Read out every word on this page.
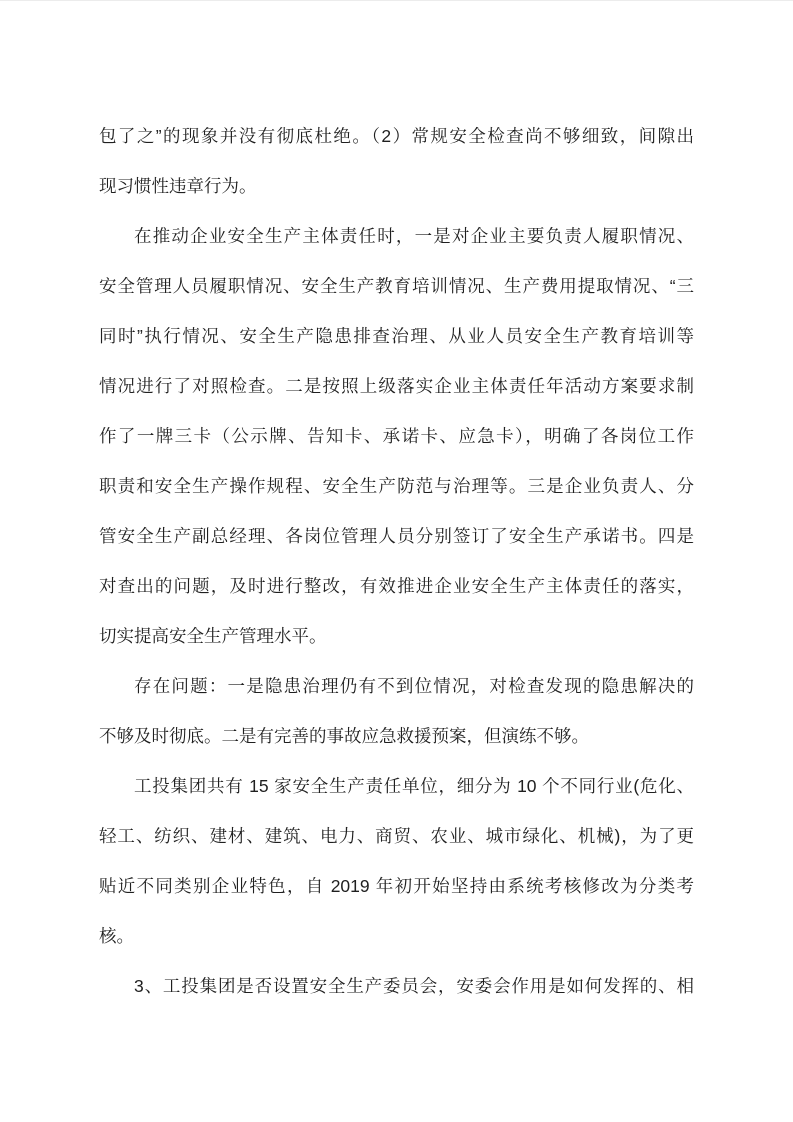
包了之”的现象并没有彻底杜绝。（2）常规安全检查尚不够细致，间隙出
现习惯性违章行为。
在推动企业安全生产主体责任时，一是对企业主要负责人履职情况、
安全管理人员履职情况、安全生产教育培训情况、生产费用提取情况、“三
同时”执行情况、安全生产隐患排查治理、从业人员安全生产教育培训等
情况进行了对照检查。二是按照上级落实企业主体责任年活动方案要求制
作了一牌三卡（公示牌、告知卡、承诺卡、应急卡），明确了各岗位工作
职责和安全生产操作规程、安全生产防范与治理等。三是企业负责人、分
管安全生产副总经理、各岗位管理人员分别签订了安全生产承诺书。四是
对查出的问题，及时进行整改，有效推进企业安全生产主体责任的落实，
切实提高安全生产管理水平。
存在问题：一是隐患治理仍有不到位情况，对检查发现的隐患解决的
不够及时彻底。二是有完善的事故应急救援预案，但演练不够。
工投集团共有 15 家安全生产责任单位，细分为 10 个不同行业(危化、
轻工、纺织、建材、建筑、电力、商贸、农业、城市绿化、机械)，为了更
贴近不同类别企业特色，自 2019 年初开始坚持由系统考核修改为分类考
核。
3、工投集团是否设置安全生产委员会，安委会作用是如何发挥的、相
